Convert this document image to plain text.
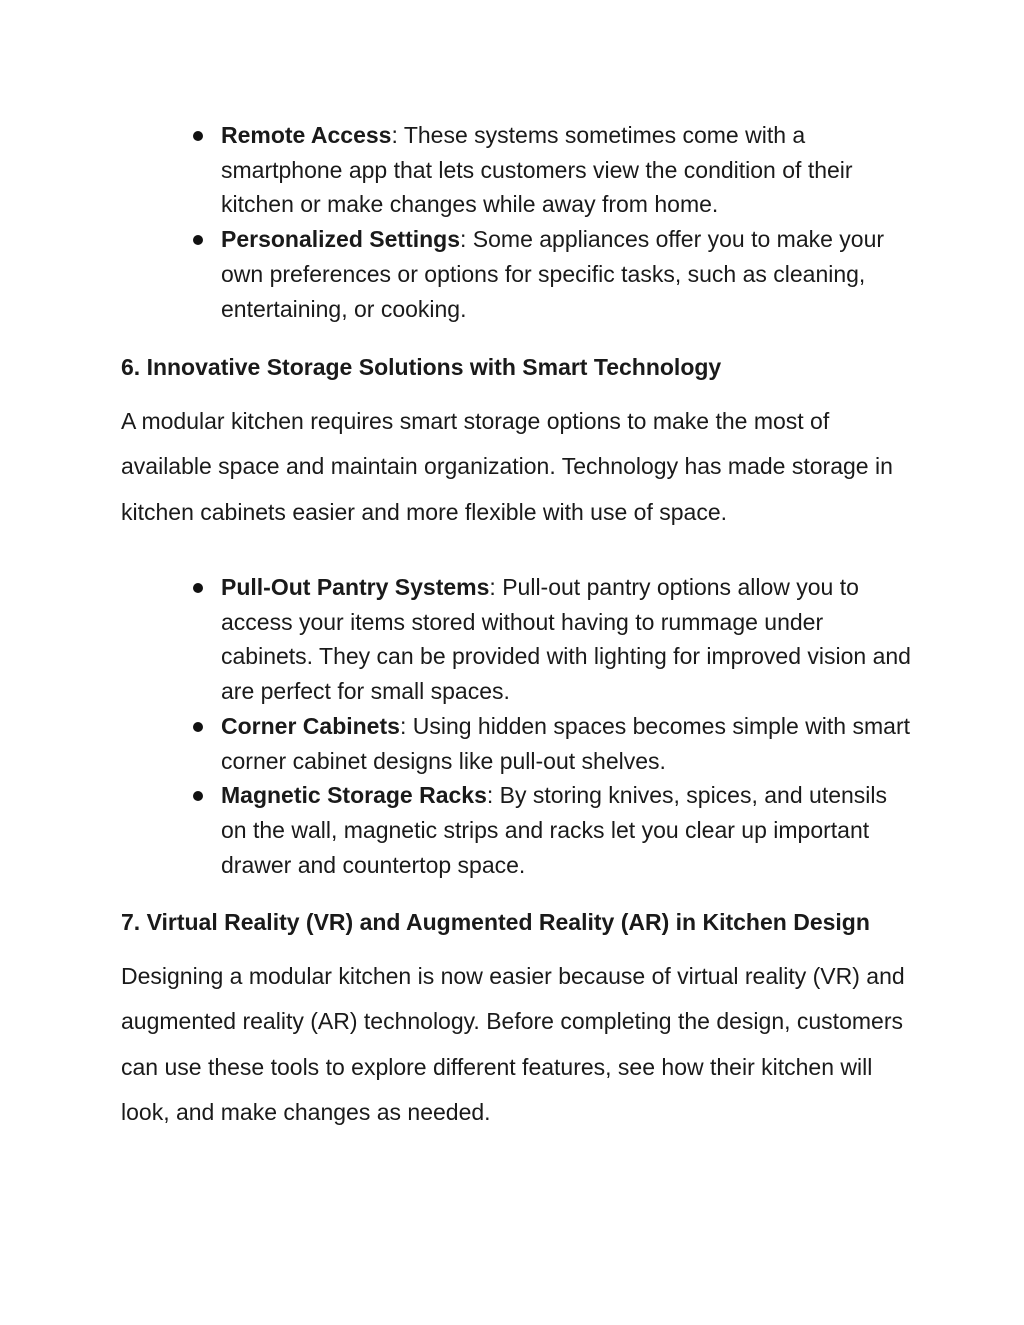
Remote Access: These systems sometimes come with a smartphone app that lets customers view the condition of their kitchen or make changes while away from home.
Personalized Settings: Some appliances offer you to make your own preferences or options for specific tasks, such as cleaning, entertaining, or cooking.
6. Innovative Storage Solutions with Smart Technology

A modular kitchen requires smart storage options to make the most of available space and maintain organization. Technology has made storage in kitchen cabinets easier and more flexible with use of space.

Pull-Out Pantry Systems: Pull-out pantry options allow you to access your items stored without having to rummage under cabinets. They can be provided with lighting for improved vision and are perfect for small spaces.
Corner Cabinets: Using hidden spaces becomes simple with smart corner cabinet designs like pull-out shelves.
Magnetic Storage Racks: By storing knives, spices, and utensils on the wall, magnetic strips and racks let you clear up important drawer and countertop space.
7. Virtual Reality (VR) and Augmented Reality (AR) in Kitchen Design

Designing a modular kitchen is now easier because of virtual reality (VR) and augmented reality (AR) technology. Before completing the design, customers can use these tools to explore different features, see how their kitchen will look, and make changes as needed.
